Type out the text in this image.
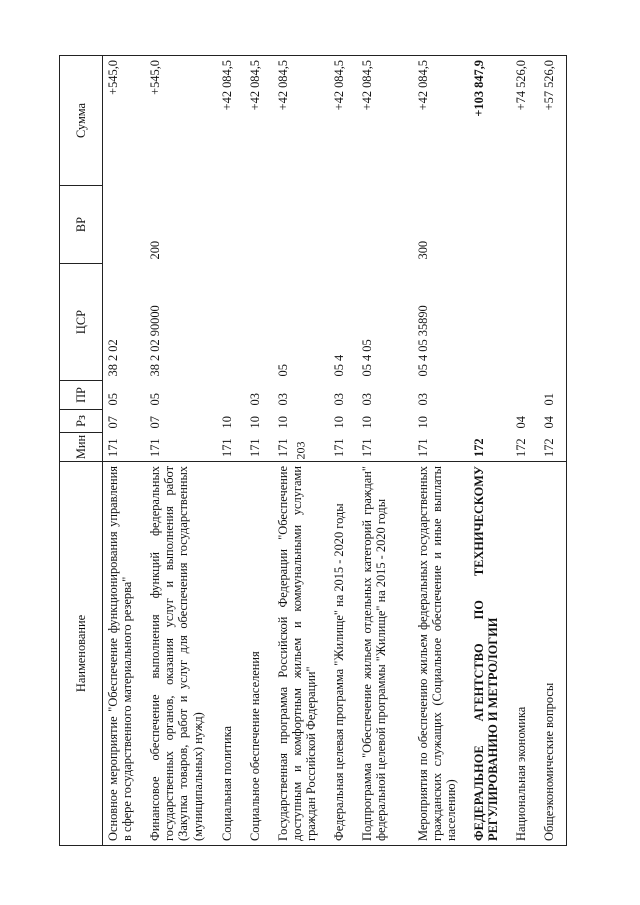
203
Наименование	Мин	Рз	ПР	ЦСР	ВР	Сумма
Основное мероприятие "Обеспечение функционирования управления в сфере государственного материального резерва"	171	07	05	38 2 02		+545,0
Финансовое обеспечение выполнения функций федеральных государственных органов, оказания услуг и выполнения работ (Закупка товаров, работ и услуг для обеспечения государственных (муниципальных) нужд)	171	07	05	38 2 02 90000	200	+545,0
Социальная политика	171	10				+42 084,5
Социальное обеспечение населения	171	10	03			+42 084,5
Государственная программа Российской Федерации "Обеспечение доступным и комфортным жильем и коммунальными услугами граждан Российской Федерации"	171	10	03	05		+42 084,5
Федеральная целевая программа "Жилище" на 2015 - 2020 годы	171	10	03	05 4		+42 084,5
Подпрограмма "Обеспечение жильем отдельных категорий граждан" федеральной целевой программы "Жилище" на 2015 - 2020 годы	171	10	03	05 4 05		+42 084,5
Мероприятия по обеспечению жильем федеральных государственных гражданских служащих (Социальное обеспечение и иные выплаты населению)	171	10	03	05 4 05 35890	300	+42 084,5
ФЕДЕРАЛЬНОЕ АГЕНТСТВО ПО ТЕХНИЧЕСКОМУ РЕГУЛИРОВАНИЮ И МЕТРОЛОГИИ	172					+103 847,9
Национальная экономика	172	04				+74 526,0
Общеэкономические вопросы	172	04	01			+57 526,0
